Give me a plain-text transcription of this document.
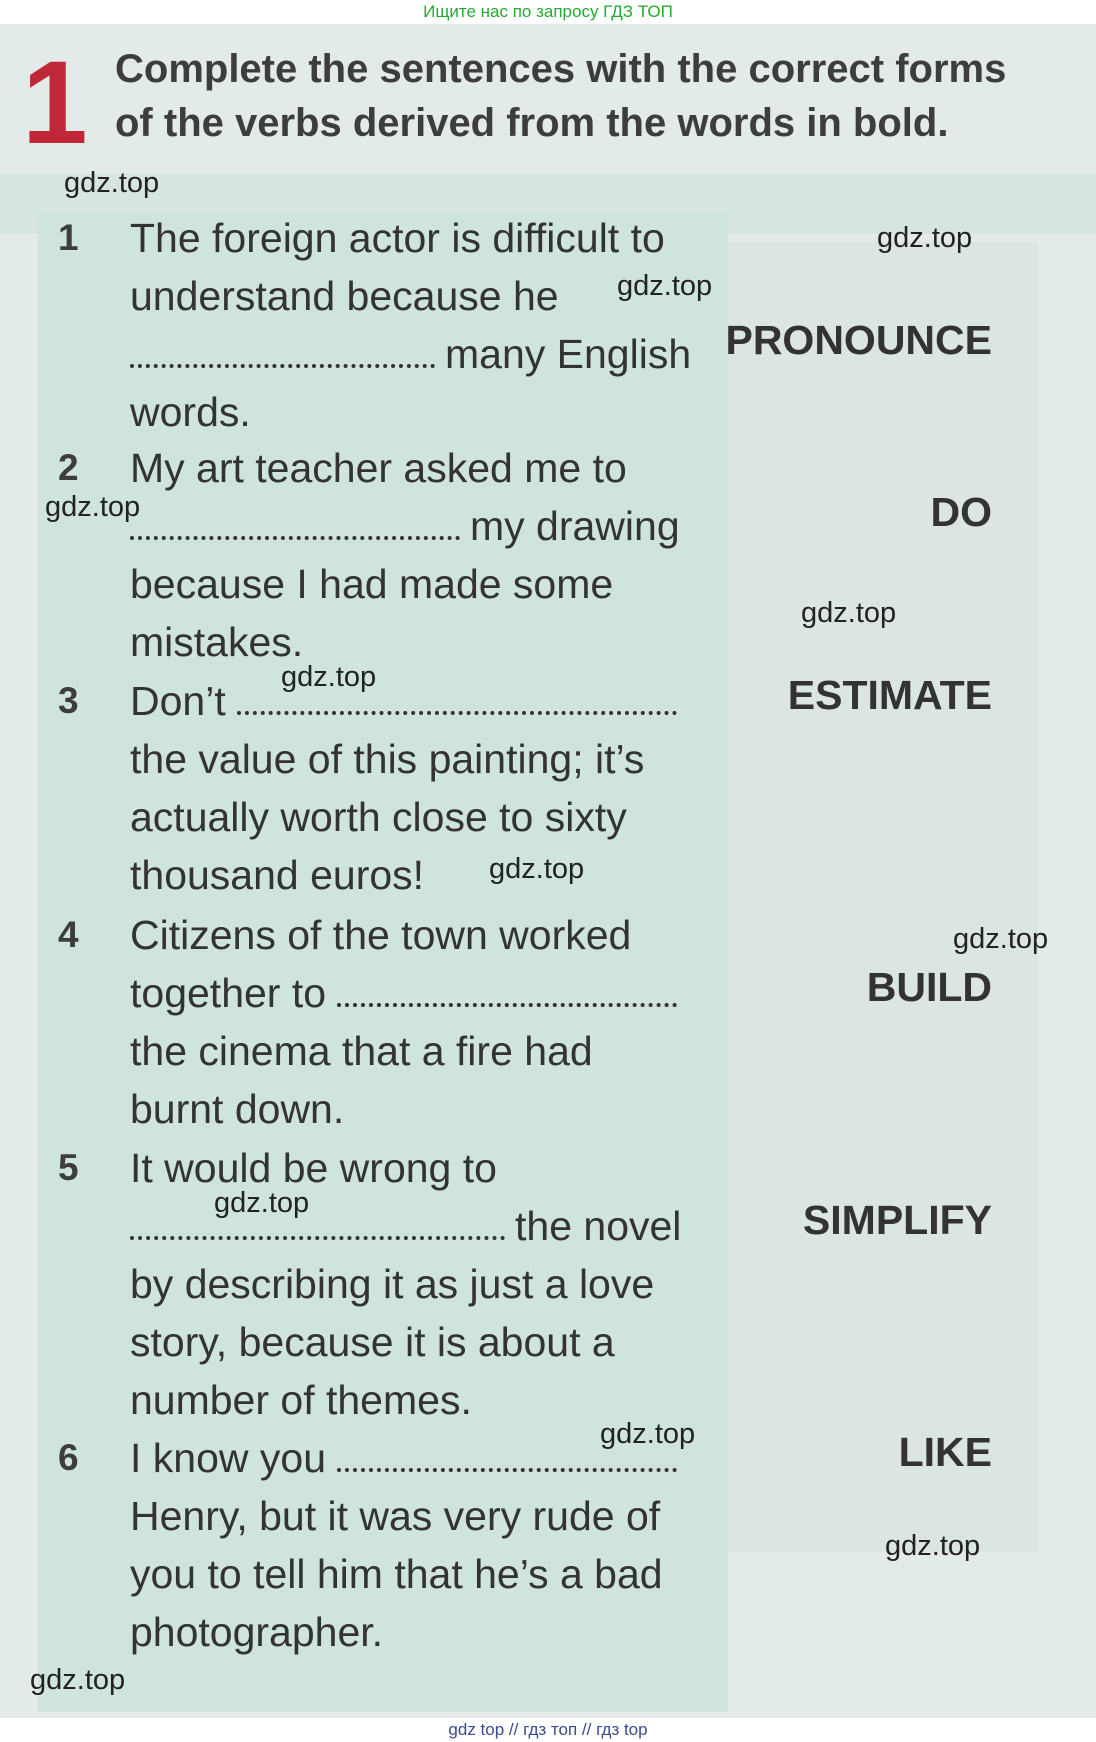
Ищите нас по запросу ГДЗ ТОП
1 Complete the sentences with the correct forms
of the verbs derived from the words in bold.
1 The foreign actor is difficult to understand because he
many English words.
PRONOUNCE
2 My art teacher asked me to
my drawing because I had made some mistakes.
DO
3 Don’t  the value of this painting; it’s actually worth close to sixty thousand euros!
ESTIMATE
4 Citizens of the town worked together to  the cinema that a fire had burnt down.
BUILD
5 It would be wrong to
the novel by describing it as just a love story, because it is about a number of themes.
SIMPLIFY
6 I know you  Henry, but it was very rude of you to tell him that he’s a bad photographer.
LIKE
gdz.top
gdz.top
gdz.top
gdz.top
gdz.top
gdz.top
gdz.top
gdz.top
gdz.top
gdz.top
gdz.top
gdz.top
gdz top // гдз топ // гдз top
